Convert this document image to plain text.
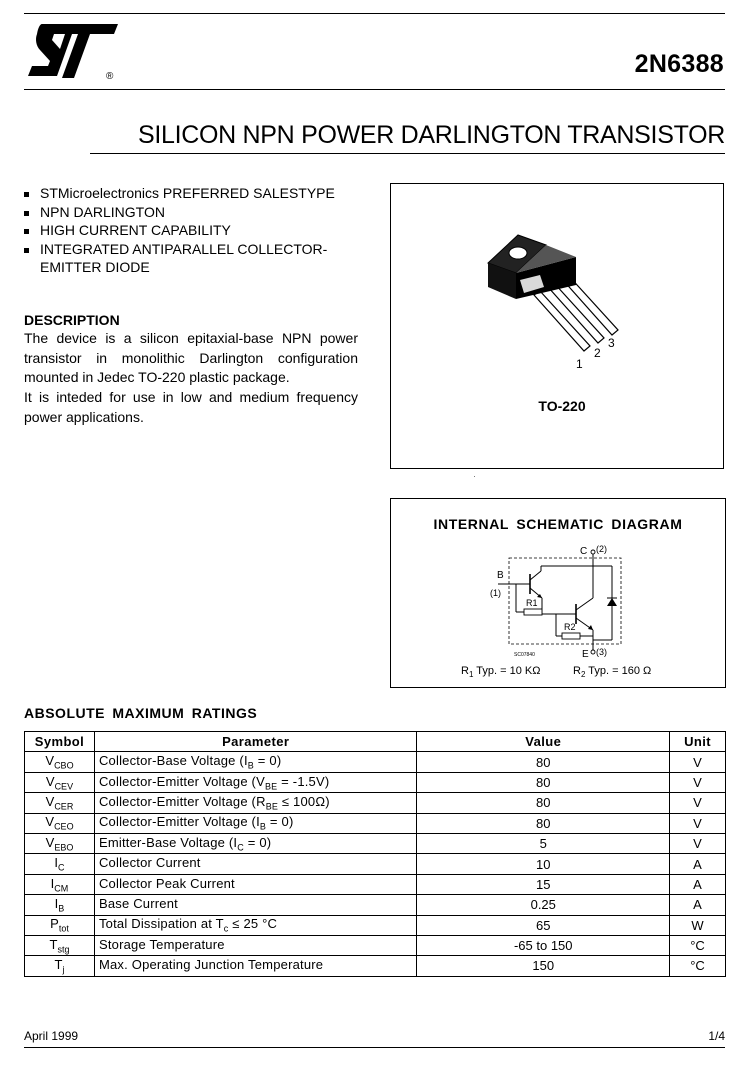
®	2N6388
SILICON NPN POWER DARLINGTON TRANSISTOR
STMicroelectronics PREFERRED SALESTYPE
NPN DARLINGTON
HIGH CURRENT CAPABILITY
INTEGRATED ANTIPARALLEL COLLECTOR-EMITTER DIODE
DESCRIPTION

The device is a silicon epitaxial-base NPN power transistor in monolithic Darlington configuration mounted in Jedec TO-220 plastic package.

It is inteded for use in low and medium frequency power applications.

1
2
3
TO-220
INTERNAL SCHEMATIC DIAGRAM
R1
R2
C (2)
B
(1)
E (3)
SC07840
$R_1$ Typ. = 10 KΩ	$R_2$ Typ. = 160 Ω
ABSOLUTE MAXIMUM RATINGS
Symbol	Parameter	Value	Unit
$V_{CBO}$	Collector-Base Voltage $(I_B = 0)$	80	V
$V_{CEV}$	Collector-Emitter Voltage $(V_{BE} = -1.5V)$	80	V
$V_{CER}$	Collector-Emitter Voltage $(R_{BE} \le 100\Omega)$	80	V
$V_{CEO}$	Collector-Emitter Voltage $(I_B = 0)$	80	V
$V_{EBO}$	Emitter-Base Voltage $(I_C = 0)$	5	V
$I_C$	Collector Current	10	A
$I_{CM}$	Collector Peak Current	15	A
$I_B$	Base Current	0.25	A
$P_{tot}$	Total Dissipation at $T_c \le 25$ °C	65	W
$T_{stg}$	Storage Temperature	-65 to 150	°C
$T_j$	Max. Operating Junction Temperature	150	°C
April 1999	1/4
